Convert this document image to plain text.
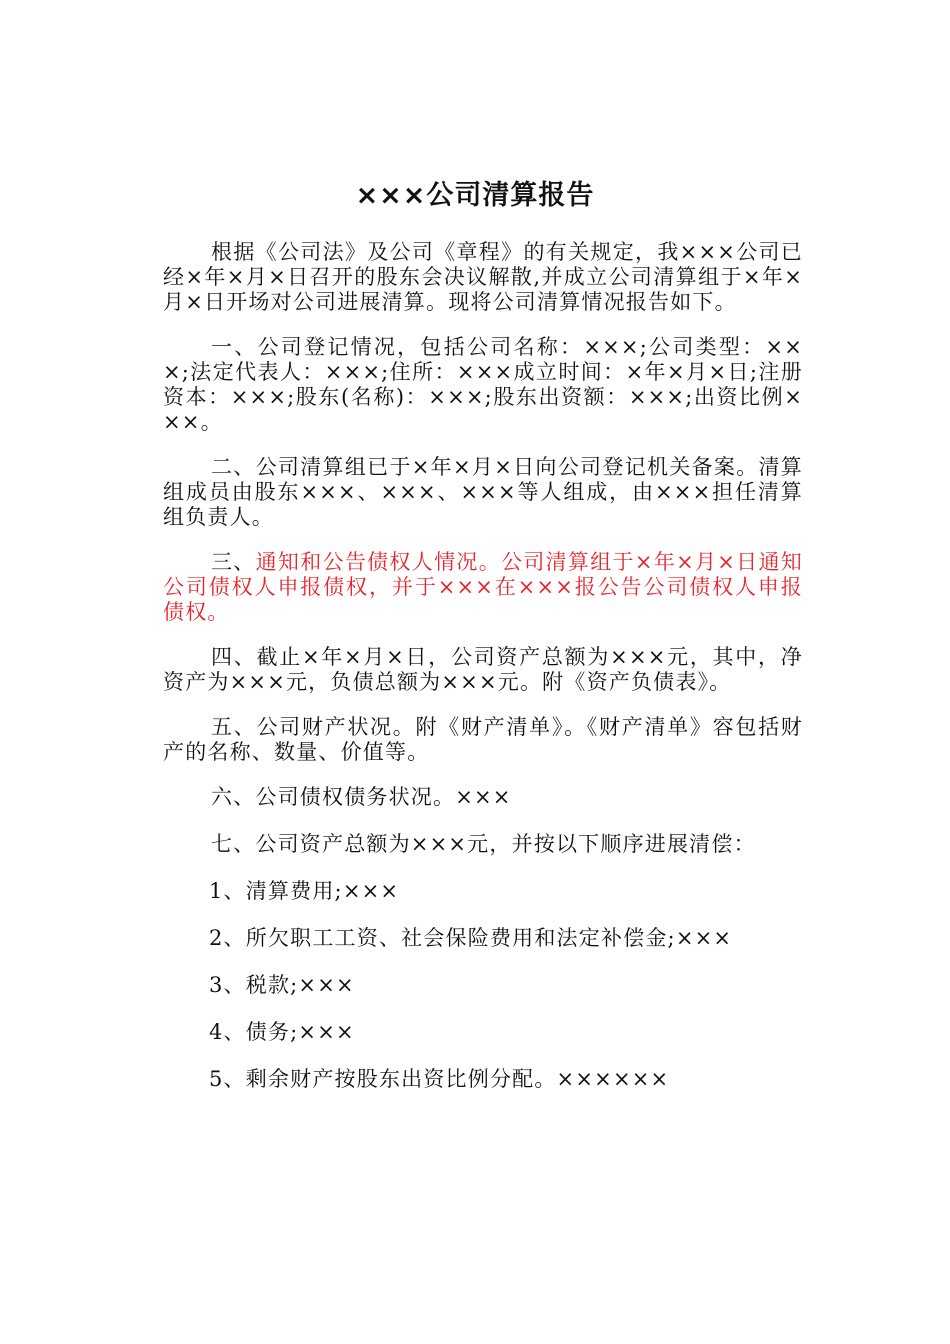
×××公司清算报告

根据《公司法》及公司《章程》的有关规定，我×××公司已经×年×月×日召开的股东会决议解散,并成立公司清算组于×年×月×日开场对公司进展清算。现将公司清算情况报告如下。

一、公司登记情况，包括公司名称：×××;公司类型：×××;法定代表人：×××;住所：×××成立时间：×年×月×日;注册资本：×××;股东(名称)：×××;股东出资额：×××;出资比例×××。

二、公司清算组已于×年×月×日向公司登记机关备案。清算组成员由股东×××、×××、×××等人组成，由×××担任清算组负责人。

三、通知和公告债权人情况。公司清算组于×年×月×日通知公司债权人申报债权，并于×××在×××报公告公司债权人申报债权。

四、截止×年×月×日，公司资产总额为×××元，其中，净资产为×××元，负债总额为×××元。附《资产负债表》。

五、公司财产状况。附《财产清单》。《财产清单》容包括财产的名称、数量、价值等。

六、公司债权债务状况。×××

七、公司资产总额为×××元，并按以下顺序进展清偿：

1、清算费用;×××
2、所欠职工工资、社会保险费用和法定补偿金;×××
3、税款;×××
4、债务;×××
5、剩余财产按股东出资比例分配。××××××
